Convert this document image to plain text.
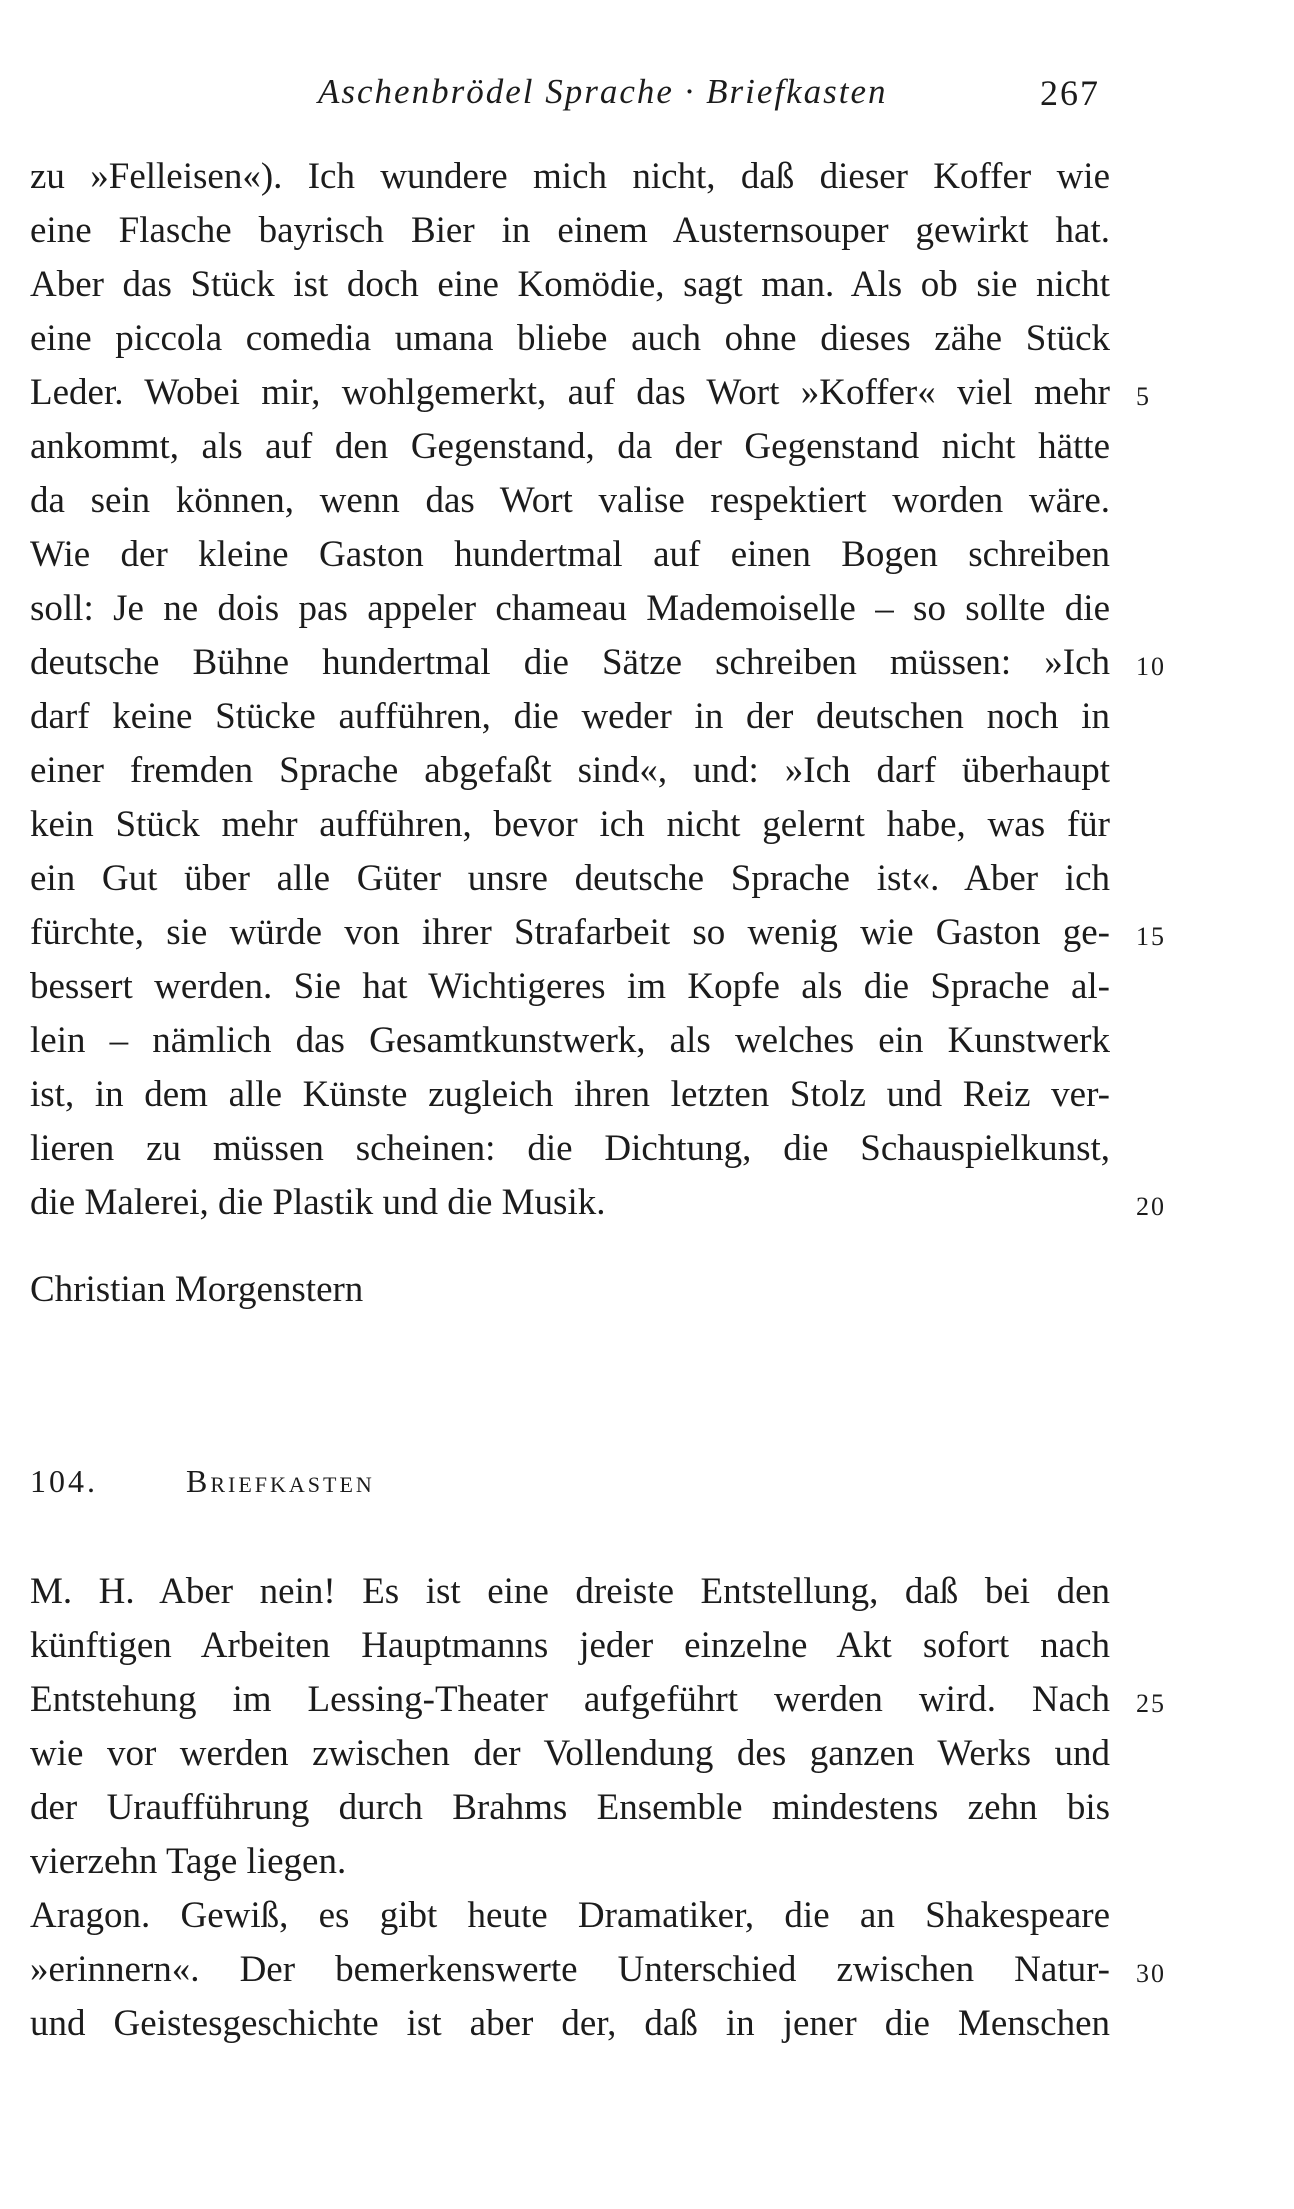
Aschenbrödel Sprache · Briefkasten	267
zu »Felleisen«). Ich wundere mich nicht, daß dieser Koffer wie
eine Flasche bayrisch Bier in einem Austernsouper gewirkt hat.
Aber das Stück ist doch eine Komödie, sagt man. Als ob sie nicht
eine piccola comedia umana bliebe auch ohne dieses zähe Stück
Leder. Wobei mir, wohlgemerkt, auf das Wort »Koffer« viel mehr
ankommt, als auf den Gegenstand, da der Gegenstand nicht hätte
da sein können, wenn das Wort valise respektiert worden wäre.
Wie der kleine Gaston hundertmal auf einen Bogen schreiben
soll: Je ne dois pas appeler chameau Mademoiselle – so sollte die
deutsche Bühne hundertmal die Sätze schreiben müssen: »Ich
darf keine Stücke aufführen, die weder in der deutschen noch in
einer fremden Sprache abgefaßt sind«, und: »Ich darf überhaupt
kein Stück mehr aufführen, bevor ich nicht gelernt habe, was für
ein Gut über alle Güter unsre deutsche Sprache ist«. Aber ich
fürchte, sie würde von ihrer Strafarbeit so wenig wie Gaston ge-
bessert werden. Sie hat Wichtigeres im Kopfe als die Sprache al-
lein – nämlich das Gesamtkunstwerk, als welches ein Kunstwerk
ist, in dem alle Künste zugleich ihren letzten Stolz und Reiz ver-
lieren zu müssen scheinen: die Dichtung, die Schauspielkunst,
die Malerei, die Plastik und die Musik.
Christian Morgenstern
104.	Briefkasten
M. H. Aber nein! Es ist eine dreiste Entstellung, daß bei den
künftigen Arbeiten Hauptmanns jeder einzelne Akt sofort nach
Entstehung im Lessing-Theater aufgeführt werden wird. Nach
wie vor werden zwischen der Vollendung des ganzen Werks und
der Uraufführung durch Brahms Ensemble mindestens zehn bis
vierzehn Tage liegen.
Aragon. Gewiß, es gibt heute Dramatiker, die an Shakespeare
»erinnern«. Der bemerkenswerte Unterschied zwischen Natur-
und Geistesgeschichte ist aber der, daß in jener die Menschen
5
10
15
20
25
30
